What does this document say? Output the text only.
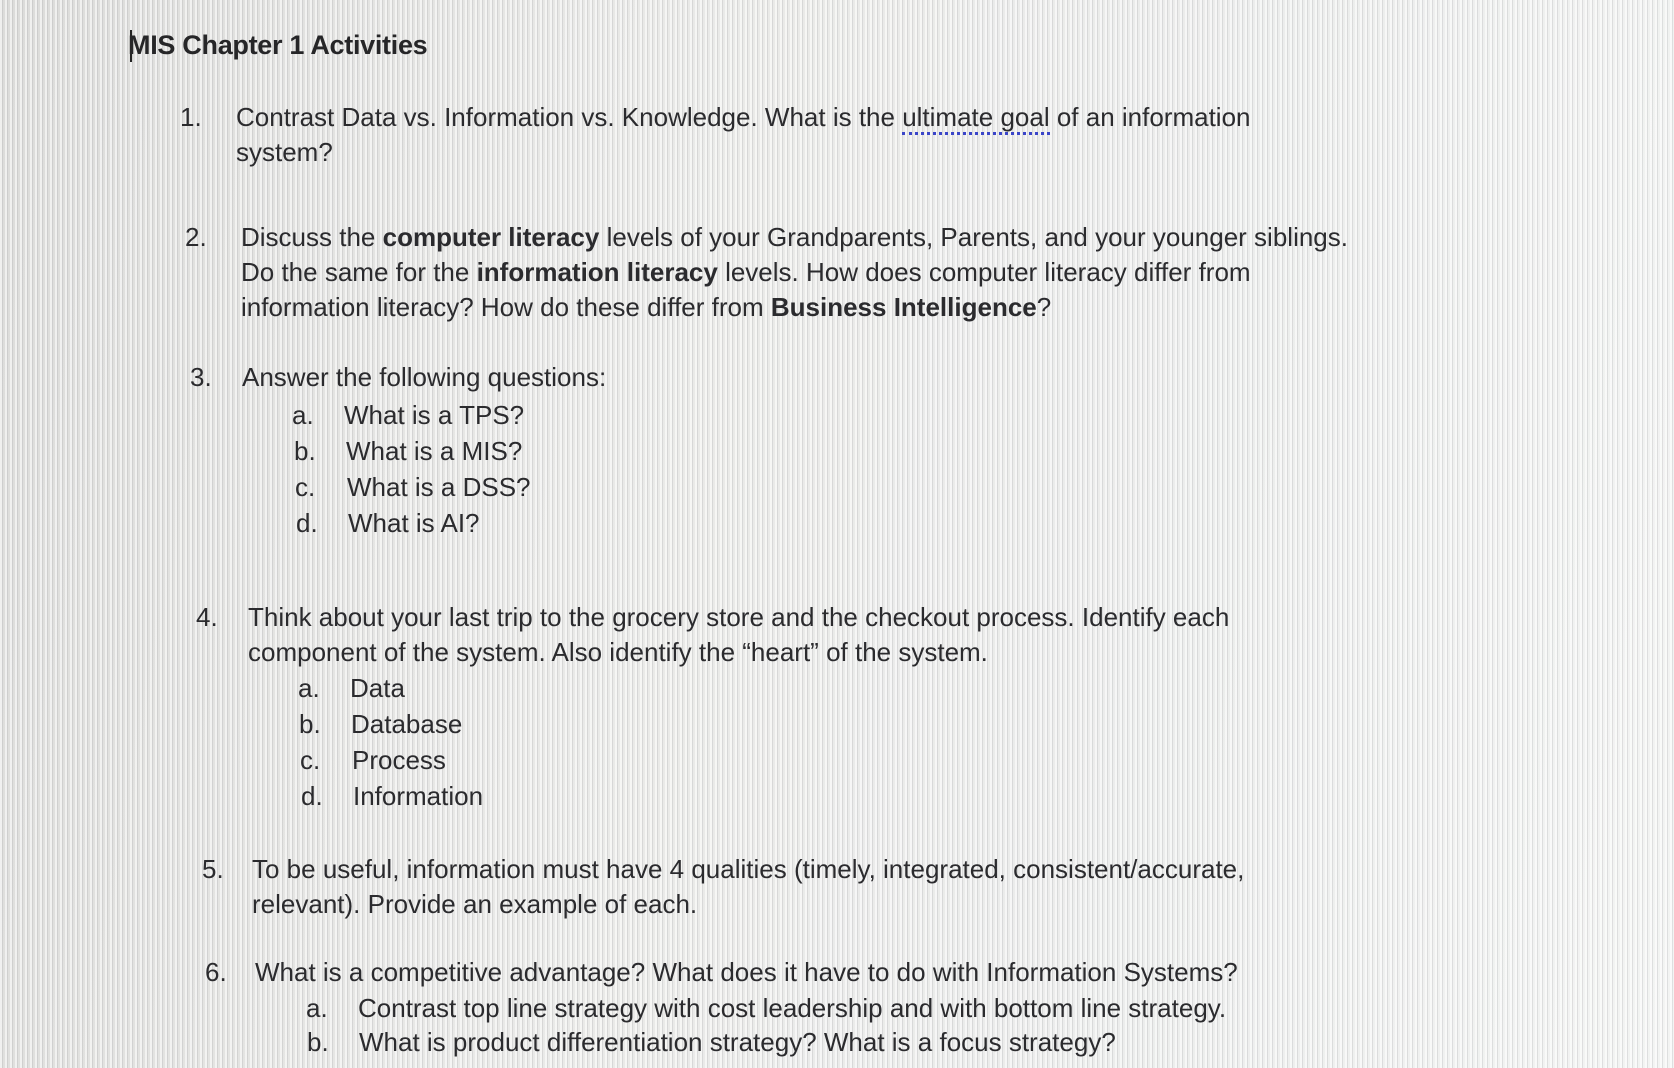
MIS Chapter 1 Activities
1. Contrast Data vs. Information vs. Knowledge. What is the ultimate goal of an information
system?
2. Discuss the computer literacy levels of your Grandparents, Parents, and your younger siblings.
Do the same for the information literacy levels. How does computer literacy differ from
information literacy? How do these differ from Business Intelligence?
3. Answer the following questions:
a. What is a TPS?
b. What is a MIS?
c. What is a DSS?
d. What is AI?
4. Think about your last trip to the grocery store and the checkout process. Identify each
component of the system. Also identify the “heart” of the system.
a. Data
b. Database
c. Process
d. Information
5. To be useful, information must have 4 qualities (timely, integrated, consistent/accurate,
relevant). Provide an example of each.
6. What is a competitive advantage? What does it have to do with Information Systems?
a. Contrast top line strategy with cost leadership and with bottom line strategy.
b. What is product differentiation strategy? What is a focus strategy?
